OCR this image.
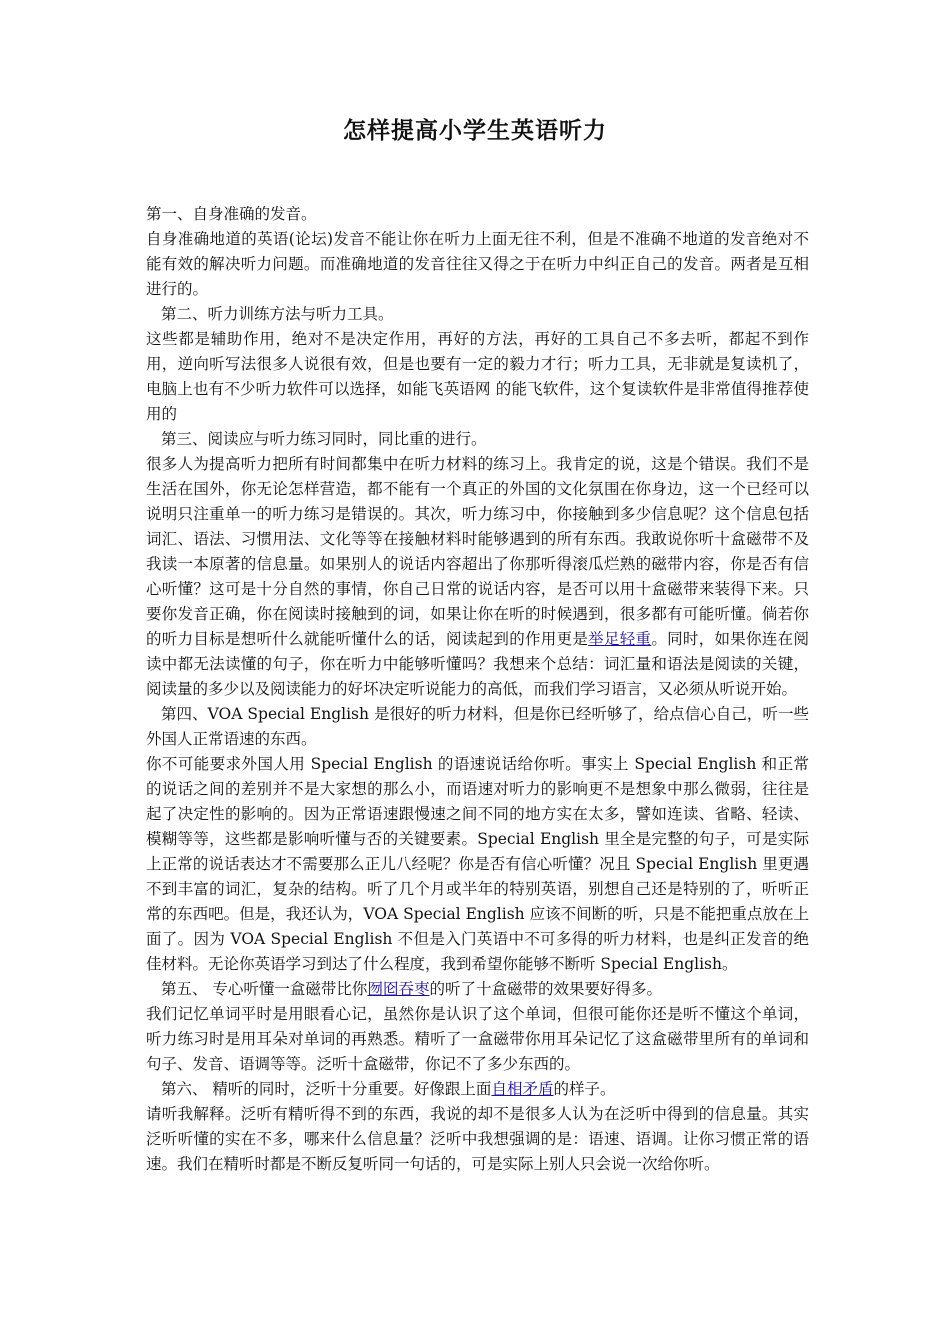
怎样提高小学生英语听力

第一、自身准确的发音。

自身准确地道的英语(论坛)发音不能让你在听力上面无往不利，但是不准确不地道的发音绝对不能有效的解决听力问题。而准确地道的发音往往又得之于在听力中纠正自己的发音。两者是互相进行的。

第二、听力训练方法与听力工具。

这些都是辅助作用，绝对不是决定作用，再好的方法，再好的工具自己不多去听，都起不到作用，逆向听写法很多人说很有效，但是也要有一定的毅力才行；听力工具，无非就是复读机了，电脑上也有不少听力软件可以选择，如能飞英语网 的能飞软件，这个复读软件是非常值得推荐使用的

第三、阅读应与听力练习同时，同比重的进行。

很多人为提高听力把所有时间都集中在听力材料的练习上。我肯定的说，这是个错误。我们不是生活在国外，你无论怎样营造，都不能有一个真正的外国的文化氛围在你身边，这一个已经可以说明只注重单一的听力练习是错误的。其次，听力练习中，你接触到多少信息呢？这个信息包括词汇、语法、习惯用法、文化等等在接触材料时能够遇到的所有东西。我敢说你听十盒磁带不及我读一本原著的信息量。如果别人的说话内容超出了你那听得滚瓜烂熟的磁带内容，你是否有信心听懂？这可是十分自然的事情，你自己日常的说话内容，是否可以用十盒磁带来装得下来。只要你发音正确，你在阅读时接触到的词，如果让你在听的时候遇到，很多都有可能听懂。倘若你的听力目标是想听什么就能听懂什么的话，阅读起到的作用更是举足轻重。同时，如果你连在阅读中都无法读懂的句子，你在听力中能够听懂吗？我想来个总结：词汇量和语法是阅读的关键，阅读量的多少以及阅读能力的好坏决定听说能力的高低，而我们学习语言，又必须从听说开始。

第四、VOA Special English 是很好的听力材料，但是你已经听够了，给点信心自己，听一些外国人正常语速的东西。

你不可能要求外国人用 Special English 的语速说话给你听。事实上 Special English 和正常的说话之间的差别并不是大家想的那么小，而语速对听力的影响更不是想象中那么微弱，往往是起了决定性的影响的。因为正常语速跟慢速之间不同的地方实在太多，譬如连读、省略、轻读、模糊等等，这些都是影响听懂与否的关键要素。Special English 里全是完整的句子，可是实际上正常的说话表达才不需要那么正儿八经呢？你是否有信心听懂？况且 Special English 里更遇不到丰富的词汇，复杂的结构。听了几个月或半年的特别英语，别想自己还是特别的了，听听正常的东西吧。但是，我还认为，VOA Special English 应该不间断的听，只是不能把重点放在上面了。因为 VOA Special English 不但是入门英语中不可多得的听力材料，也是纠正发音的绝佳材料。无论你英语学习到达了什么程度，我到希望你能够不断听 Special English。

第五、 专心听懂一盒磁带比你囫囵吞枣的听了十盒磁带的效果要好得多。

我们记忆单词平时是用眼看心记，虽然你是认识了这个单词，但很可能你还是听不懂这个单词，听力练习时是用耳朵对单词的再熟悉。精听了一盒磁带你用耳朵记忆了这盒磁带里所有的单词和句子、发音、语调等等。泛听十盒磁带，你记不了多少东西的。

第六、 精听的同时，泛听十分重要。好像跟上面自相矛盾的样子。

请听我解释。泛听有精听得不到的东西，我说的却不是很多人认为在泛听中得到的信息量。其实泛听听懂的实在不多，哪来什么信息量？泛听中我想强调的是：语速、语调。让你习惯正常的语速。我们在精听时都是不断反复听同一句话的，可是实际上别人只会说一次给你听。
